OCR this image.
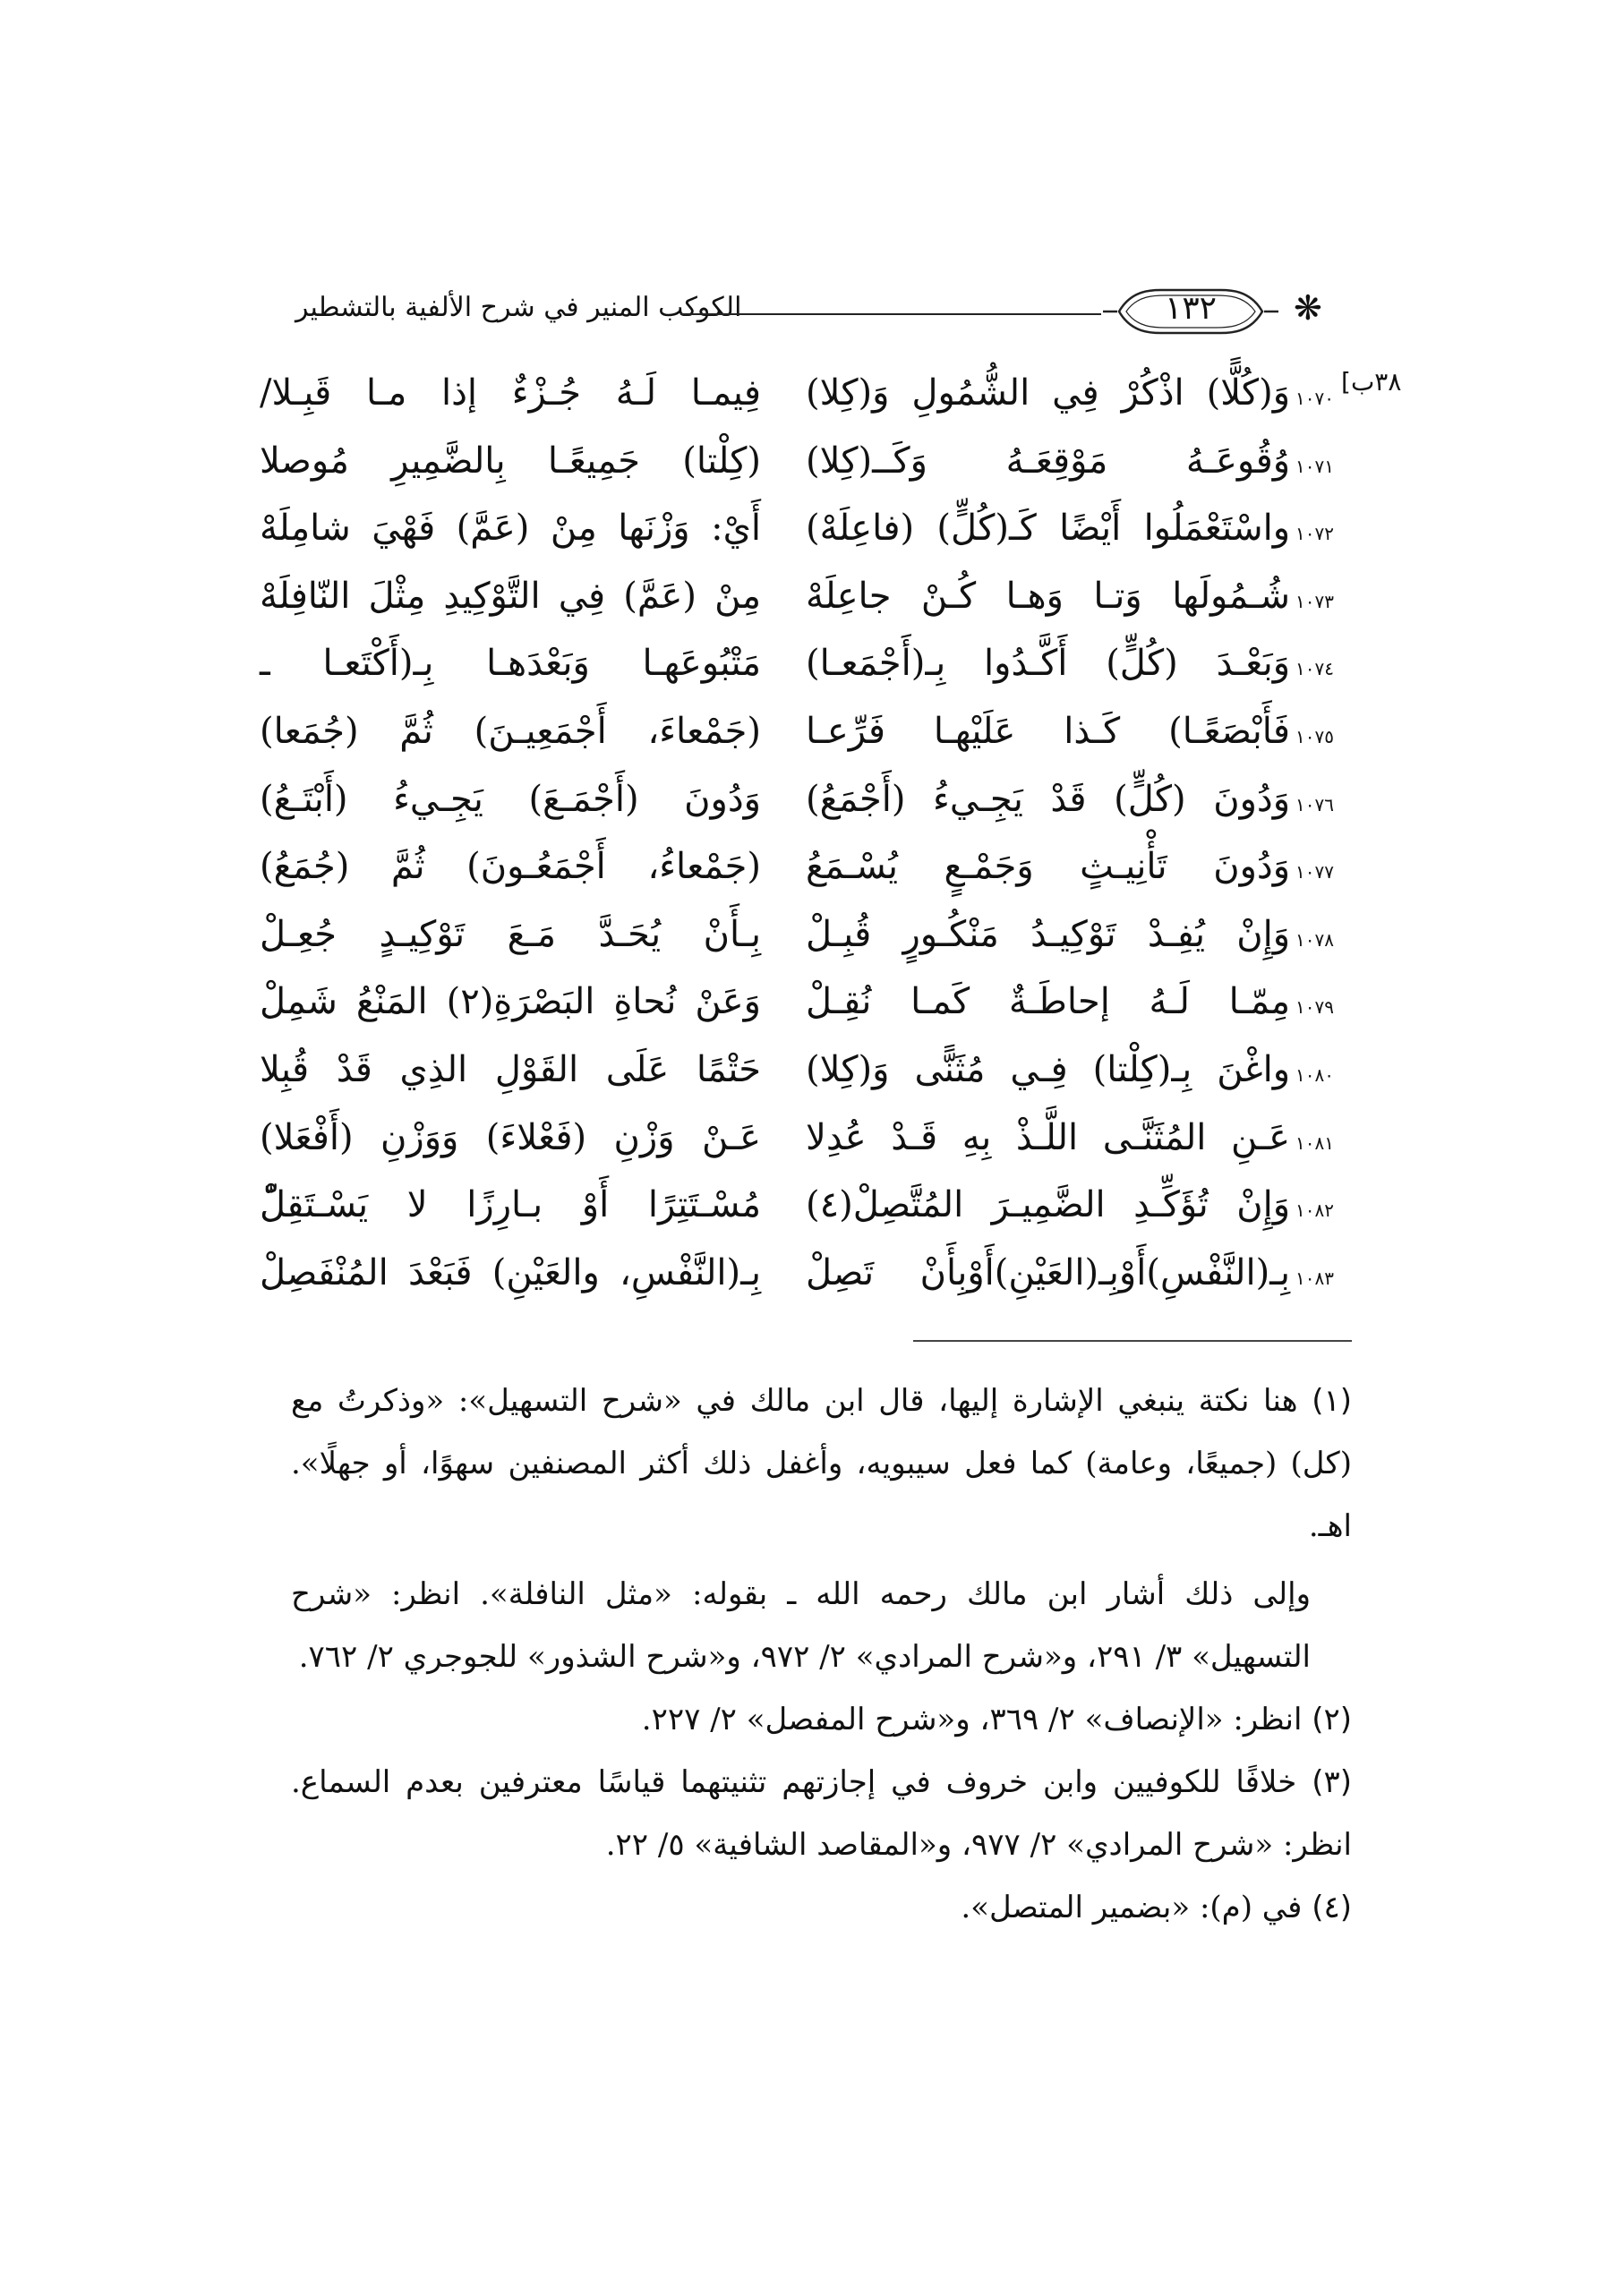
الكوكب المنير في شرح الألفية بالتشطير	١٣٢	❋
[٣٨ب
١٠٧٠وَ(كُلًّا) اذْكُرْ فِي الشُّمُولِ وَ(كِلا)
فِيمـا لَـهُ جُـزْءٌ إذا مـا قَبِـلا/
١٠٧١وُقُوعَـهُ مَوْقِعَـهُ وَكَــ(كِلا)
(كِلْتا) جَمِيعًـا بِالضَّمِيرِ مُوصلا
١٠٧٢واسْتَعْمَلُوا أَيْضًا كَـ(كُلٍّ) (فاعِلَهْ)
أَيْ: وَزْنَها مِنْ (عَمَّ) فَهْيَ شامِلَهْ
١٠٧٣شُـمُولَها وَتـا وَهـا كُـنْ جاعِلَهْ
مِنْ (عَمَّ) فِي التَّوْكِيدِ مِثْلَ النّافِلَهْ
١٠٧٤وَبَعْـدَ (كُلٍّ) أَكَّـدُوا بِـ(أَجْمَعـا)
مَتْبُوعَهـا وَبَعْدَهـا بِـ(أَكْتَعـا ـ
١٠٧٥فَأَبْصَعًـا) كَـذا عَلَيْهـا فَرِّعـا
(جَمْعاءَ، أَجْمَعِيـنَ) ثُمَّ (جُمَعا)
١٠٧٦وَدُونَ (كُلٍّ) قَدْ يَجِـيءُ (أَجْمَعُ)
وَدُونَ (أَجْمَـعَ) يَجِـيءُ (أَبْتَـعُ)
١٠٧٧وَدُونَ تَأْنِيـثٍ وَجَمْـعٍ يُسْـمَعُ
(جَمْعاءُ، أَجْمَعُـونَ) ثُمَّ (جُمَعُ)
١٠٧٨وَإِنْ يُفِـدْ تَوْكِيـدُ مَنْكُـورٍ قُبِـلْ
بِـأَنْ يُحَـدَّ مَـعَ تَوْكِيـدٍ جُعِـلْ
١٠٧٩مِمّـا لَـهُ إحاطَـةٌ كَمـا نُقِـلْ
وَعَنْ نُحاةِ البَصْرَةِ(٢) المَنْعُ شَمِلْ
١٠٨٠واغْنَ بِـ(كِلْتا) فِـي مُثَنًّى وَ(كِلا)
حَتْمًا عَلَى القَوْلِ الذِي قَدْ قُبِلا
١٠٨١عَـنِ المُثَنَّـى اللَّـذْ بِهِ قَـدْ عُدِلا
عَـنْ وَزْنِ (فَعْلاءَ) وَوَزْنِ (أَفْعَلا)
١٠٨٢وَإِنْ تُؤَكِّـدِ الضَّمِيـرَ المُتَّصِلْ(٤)
مُسْـتَتِرًا أَوْ بـارِزًا لا يَسْـتَقِلّْ
١٠٨٣بِـ(النَّفْسِ)أَوْبِـ(العَيْنِ)أَوْبِأَنْ تَصِلْ
بِـ(النَّفْسِ، والعَيْنِ) فَبَعْدَ المُنْفَصِلْ

(١) هنا نكتة ينبغي الإشارة إليها، قال ابن مالك في «شرح التسهيل»: «وذكرتُ مع (كل) (جميعًا، وعامة) كما فعل سيبويه، وأغفل ذلك أكثر المصنفين سهوًا، أو جهلًا». اهـ.

وإلى ذلك أشار ابن مالك رحمه الله ـ بقوله: «مثل النافلة». انظر: «شرح التسهيل» ٣/ ٢٩١، و«شرح المرادي» ٢/ ٩٧٢، و«شرح الشذور» للجوجري ٢/ ٧٦٢.

(٢) انظر: «الإنصاف» ٢/ ٣٦٩، و«شرح المفصل» ٢/ ٢٢٧.

(٣) خلافًا للكوفيين وابن خروف في إجازتهم تثنيتهما قياسًا معترفين بعدم السماع. انظر: «شرح المرادي» ٢/ ٩٧٧، و«المقاصد الشافية» ٥/ ٢٢.

(٤) في (م): «بضمير المتصل».
